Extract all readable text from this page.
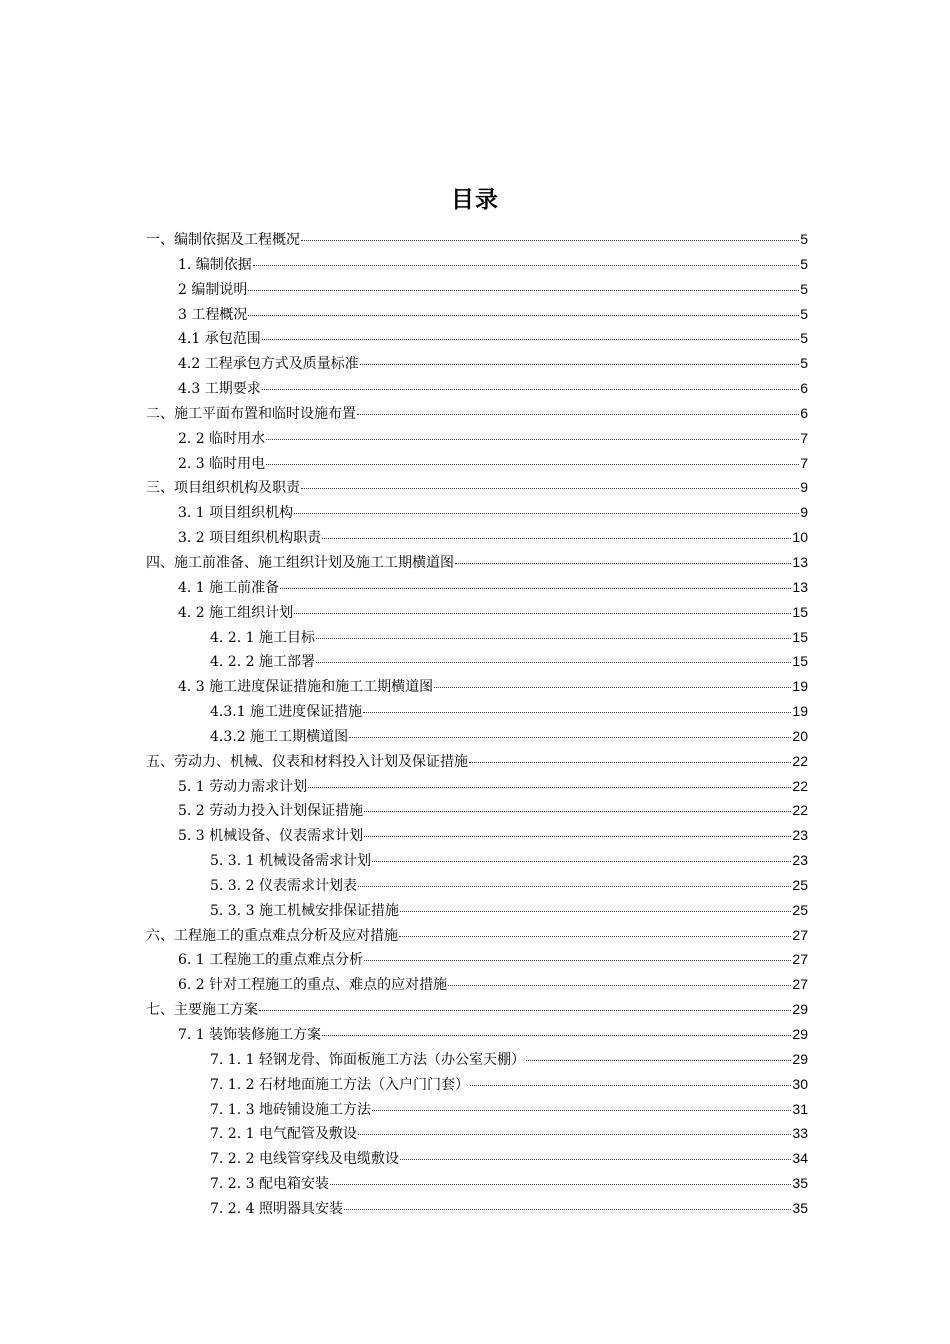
目录
一、编制依据及工程概况	5
1. 编制依据	5
2 编制说明	5
3 工程概况	5
4.1 承包范围	5
4.2 工程承包方式及质量标准	5
4.3 工期要求	6
二、施工平面布置和临时设施布置	6
2. 2 临时用水	7
2. 3 临时用电	7
三、项目组织机构及职责	9
3. 1 项目组织机构	9
3. 2 项目组织机构职责	10
四、施工前准备、施工组织计划及施工工期横道图	13
4. 1 施工前准备	13
4. 2 施工组织计划	15
4. 2. 1 施工目标	15
4. 2. 2 施工部署	15
4. 3 施工进度保证措施和施工工期横道图	19
4.3.1 施工进度保证措施	19
4.3.2 施工工期横道图	20
五、劳动力、机械、仪表和材料投入计划及保证措施	22
5. 1 劳动力需求计划	22
5. 2 劳动力投入计划保证措施	22
5. 3 机械设备、仪表需求计划	23
5. 3. 1 机械设备需求计划	23
5. 3. 2 仪表需求计划表	25
5. 3. 3 施工机械安排保证措施	25
六、工程施工的重点难点分析及应对措施	27
6. 1 工程施工的重点难点分析	27
6. 2 针对工程施工的重点、难点的应对措施	27
七、主要施工方案	29
7. 1 装饰装修施工方案	29
7. 1. 1 轻钢龙骨、饰面板施工方法（办公室天棚）	29
7. 1. 2 石材地面施工方法（入户门门套）	30
7. 1. 3 地砖铺设施工方法	31
7. 2. 1 电气配管及敷设	33
7. 2. 2 电线管穿线及电缆敷设	34
7. 2. 3 配电箱安装	35
7. 2. 4 照明器具安装	35
